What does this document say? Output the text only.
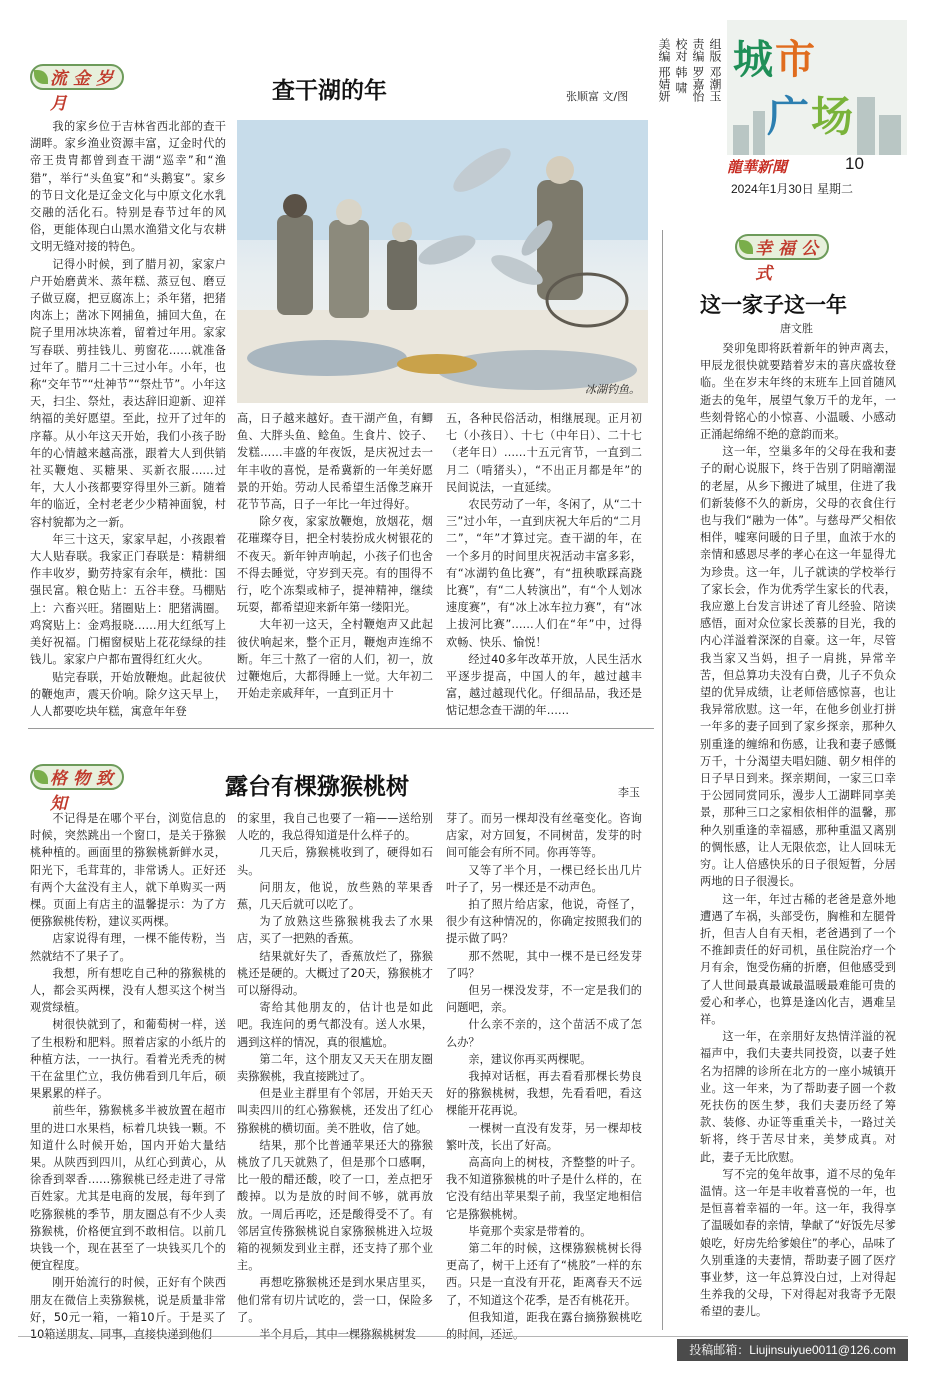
城市
广场
龍華新聞	10
2024年1月30日 星期二
组版 邓潮玉
责编 罗嘉怡
校对 韩 啸
美编 邢婧妍
流金岁月	查干湖的年	张顺富 文/图

我的家乡位于吉林省西北部的查干湖畔。家乡渔业资源丰富，辽金时代的帝王贵胄都曾到查干湖“巡幸”和“渔猎”，举行“头鱼宴”和“头鹅宴”。家乡的节日文化是辽金文化与中原文化水乳交融的活化石。特别是春节过年的风俗，更能体现白山黑水渔猎文化与农耕文明无缝对接的特色。

记得小时候，到了腊月初，家家户户开始磨黄米、蒸年糕、蒸豆包、磨豆子做豆腐，把豆腐冻上；杀年猪，把猪肉冻上；凿冰下网捕鱼，捕回大鱼，在院子里用冰块冻着，留着过年用。家家写春联、剪挂钱儿、剪窗花……就准备过年了。腊月二十三过小年。小年，也称“交年节”“灶神节”“祭灶节”。小年这天，扫尘、祭灶，表达辞旧迎新、迎祥纳福的美好愿望。至此，拉开了过年的序幕。从小年这天开始，我们小孩子盼年的心情越来越高涨，跟着大人到供销社买鞭炮、买糖果、买新衣服……过年，大人小孩都要穿得里外三新。随着年的临近，全村老老少少精神面貌，村容村貌都为之一新。

年三十这天，家家早起，小孩跟着大人贴春联。我家正门春联是：精耕细作丰收岁，勤劳持家有余年，横批：国强民富。粮仓贴上：五谷丰登。马棚贴上：六畜兴旺。猪圈贴上：肥猪满圈。鸡窝贴上：金鸡报晓……用大红纸写上美好祝福。门楣窗棂贴上花花绿绿的挂钱儿。家家户户都布置得红红火火。

贴完春联，开始放鞭炮。此起彼伏的鞭炮声，震天价响。除夕这天早上，人人都要吃块年糕，寓意年年登

冰湖钓鱼。

高，日子越来越好。查干湖产鱼，有鲫鱼、大胖头鱼、鲶鱼。生食片、饺子、发糕……丰盛的年夜饭，是庆祝过去一年丰收的喜悦，是希冀新的一年美好愿景的开始。劳动人民希望生活像芝麻开花节节高，日子一年比一年过得好。

除夕夜，家家放鞭炮，放烟花，烟花璀璨夺目，把全村装扮成火树银花的不夜天。新年钟声响起，小孩子们也舍不得去睡觉，守岁到天亮。有的围得不行，吃个冻梨或柿子，提神精神，继续玩耍，都希望迎来新年第一缕阳光。

大年初一这天，全村鞭炮声又此起彼伏响起来，整个正月，鞭炮声连绵不断。年三十熬了一宿的人们，初一，放过鞭炮后，大都得睡上一觉。大年初二开始走亲戚拜年，一直到正月十

五，各种民俗活动，相继展现。正月初七（小孩日）、十七（中年日）、二十七（老年日）……十五元宵节，一直到二月二（啃猪头），“不出正月都是年”的民间说法，一直延续。

农民劳动了一年，冬闲了，从“二十三”过小年，一直到庆祝大年后的“二月二”，“年”才算过完。查干湖的年，在一个多月的时间里庆祝活动丰富多彩，有“冰湖钓鱼比赛”，有“扭秧歌踩高跷比赛”，有“二人转演出”，有“个人划冰速度赛”，有“冰上冰车拉力赛”，有“冰上拔河比赛”……人们在“年”中，过得欢畅、快乐、愉悦！

经过40多年改革开放，人民生活水平逐步提高，中国人的年，越过越丰富，越过越现代化。仔细品品，我还是惦记想念查干湖的年……

格物致知
露台有棵猕猴桃树	李玉

不记得是在哪个平台，浏览信息的时候，突然跳出一个窗口，是关于猕猴桃种植的。画面里的猕猴桃新鲜水灵，阳光下，毛茸茸的，非常诱人。正好还有两个大盆没有主人，就下单购买一两棵。页面上有店主的温馨提示：为了方便猕猴桃传粉，建议买两棵。

店家说得有理，一棵不能传粉，当然就结不了果子了。

我想，所有想吃自己种的猕猴桃的人，都会买两棵，没有人想买这个树当观赏绿植。

树很快就到了，和葡萄树一样，送了生根粉和肥料。照着店家的小纸片的种植方法，一一执行。看着光秃秃的树干在盆里伫立，我仿佛看到几年后，硕果累累的样子。

前些年，猕猴桃多半被放置在超市里的进口水果档，标着几块钱一颗。不知道什么时候开始，国内开始大量结果。从陕西到四川，从红心到黄心，从徐香到翠香……猕猴桃已经走进了寻常百姓家。尤其是电商的发展，每年到了吃猕猴桃的季节，朋友圈总有不少人卖猕猴桃，价格便宜到不敢相信。以前几块钱一个，现在甚至了一块钱买几个的便宜程度。

刚开始流行的时候，正好有个陕西朋友在微信上卖猕猴桃，说是质量非常好，50元一箱，一箱10斤。于是买了10箱送朋友、同事，直接快递到他们

的家里，我自己也要了一箱——送给别人吃的，我总得知道是什么样子的。

几天后，猕猴桃收到了，硬得如石头。

问朋友，他说，放些熟的苹果香蕉，几天后就可以吃了。

为了放熟这些猕猴桃我去了水果店，买了一把熟的香蕉。

结果就好失了，香蕉放烂了，猕猴桃还是硬的。大概过了20天，猕猴桃才可以掰得动。

寄给其他朋友的，估计也是如此吧。我连问的勇气都没有。送人水果，遇到这样的情况，真的很尴尬。

第二年，这个朋友又天天在朋友圈卖猕猴桃，我直接跳过了。

但是业主群里有个邻居，开始天天叫卖四川的红心猕猴桃，还发出了红心猕猴桃的横切面。美不胜收，信了她。

结果，那个比普通苹果还大的猕猴桃放了几天就熟了，但是那个口感啊，比一般的醋还酸，咬了一口，差点把牙酸掉。以为是放的时间不够，就再放放。一周后再吃，还是酸得受不了。有邻居宣传猕猴桃说自家猕猴桃进入垃圾箱的视频发到业主群，还支持了那个业主。

再想吃猕猴桃还是到水果店里买，他们常有切片试吃的，尝一口，保险多了。

半个月后，其中一棵猕猴桃树发

芽了。而另一棵却没有丝毫变化。咨询店家，对方回复，不同树苗，发芽的时间可能会有所不同。你再等等。

又等了半个月，一棵已经长出几片叶子了，另一棵还是不动声色。

拍了照片给店家，他说，奇怪了，很少有这种情况的，你确定按照我们的提示做了吗？

那不然呢，其中一棵不是已经发芽了吗？

但另一棵没发芽，不一定是我们的问题吧，亲。

什么亲不亲的，这个苗活不成了怎么办？

亲，建议你再买两棵呢。

我掉对话框，再去看看那棵长势良好的猕猴桃树，我想，先看看吧，看这棵能开花再说。

一棵树一直没有发芽，另一棵却枝繁叶茂，长出了好高。

高高向上的树枝，齐整整的叶子。我不知道猕猴桃的叶子是什么样的，在它没有结出苹果梨子前，我坚定地相信它是猕猴桃树。

毕竟那个卖家是带着的。

第二年的时候，这棵猕猴桃树长得更高了，树干上还有了“桃胶”一样的东西。只是一直没有开花，距离春天不远了，不知道这个花季，是否有桃花开。

但我知道，距我在露台摘猕猴桃吃的时间，还远。

幸福公式
这一家子这一年
唐文胜

癸卯兔即将跃着新年的钟声离去，甲辰龙很快就要踏着岁末的喜庆盛妆登临。坐在岁末年终的末班车上回首随风逝去的兔年，展望气象万千的龙年，一些刻骨铭心的小惊喜、小温暖、小感动正涌起绵绵不绝的意韵而来。

这一年，空巢多年的父母在我和妻子的耐心说服下，终于告别了阴暗潮湿的老屋，从乡下搬进了城里，住进了我们新装修不久的新房，父母的衣食住行也与我们“融为一体”。与慈母严父相依相伴，嘘寒问暖的日子里，血浓于水的亲情和感恩尽孝的孝心在这一年显得尤为珍贵。这一年，儿子就读的学校举行了家长会，作为优秀学生家长的代表，我应邀上台发言讲述了育儿经验、陪读感悟，面对众位家长羡慕的目光，我的内心洋溢着深深的自豪。这一年，尽管我当家又当妈，担子一肩挑，异常辛苦，但总算功夫没有白费，儿子不负众望的优异成绩，让老师倍感惊喜，也让我异常欣慰。这一年，在他乡创业打拼一年多的妻子回到了家乡探亲，那种久别重逢的缠绵和伤感，让我和妻子感慨万千，十分渴望夫唱妇随、朝夕相伴的日子早日到来。探亲期间，一家三口幸于公园同赏同乐，漫步人工湖畔同享美景，那种三口之家相依相伴的温馨，那种久别重逢的幸福感，那种重温又离别的惆怅感，让人无限依恋，让人回味无穷。让人倍感快乐的日子很短暂，分居两地的日子很漫长。

这一年，年过古稀的老爸是意外地遭遇了车祸，头部受伤，胸椎和左腿骨折，但吉人自有天相，老爸遇到了一个不推卸责任的好司机，虽住院治疗一个月有余，饱受伤痛的折磨，但他感受到了人世间最真最诚最温暖最难能可贵的爱心和孝心，也算是逢凶化吉，遇难呈祥。

这一年，在亲朋好友热情洋溢的祝福声中，我们夫妻共同投资，以妻子姓名为招牌的诊所在北方的一座小城镇开业。这一年来，为了帮助妻子圆一个救死扶伤的医生梦，我们夫妻历经了筹款、装修、办证等重重关卡，一路过关斩将，终于苦尽甘来，美梦成真。对此，妻子无比欣慰。

写不完的兔年故事，道不尽的兔年温情。这一年是丰收着喜悦的一年，也是恒喜着幸福的一年。这一年，我得享了温暖如春的亲情，挚献了“好饭先尽爹娘吃，好房先给爹娘住”的孝心，品味了久别重逢的夫妻情，帮助妻子圆了医疗事业梦，这一年总算没白过，上对得起生养我的父母，下对得起对我寄予无限希望的妻儿。

投稿邮箱：Liujinsuiyue0011@126.com
